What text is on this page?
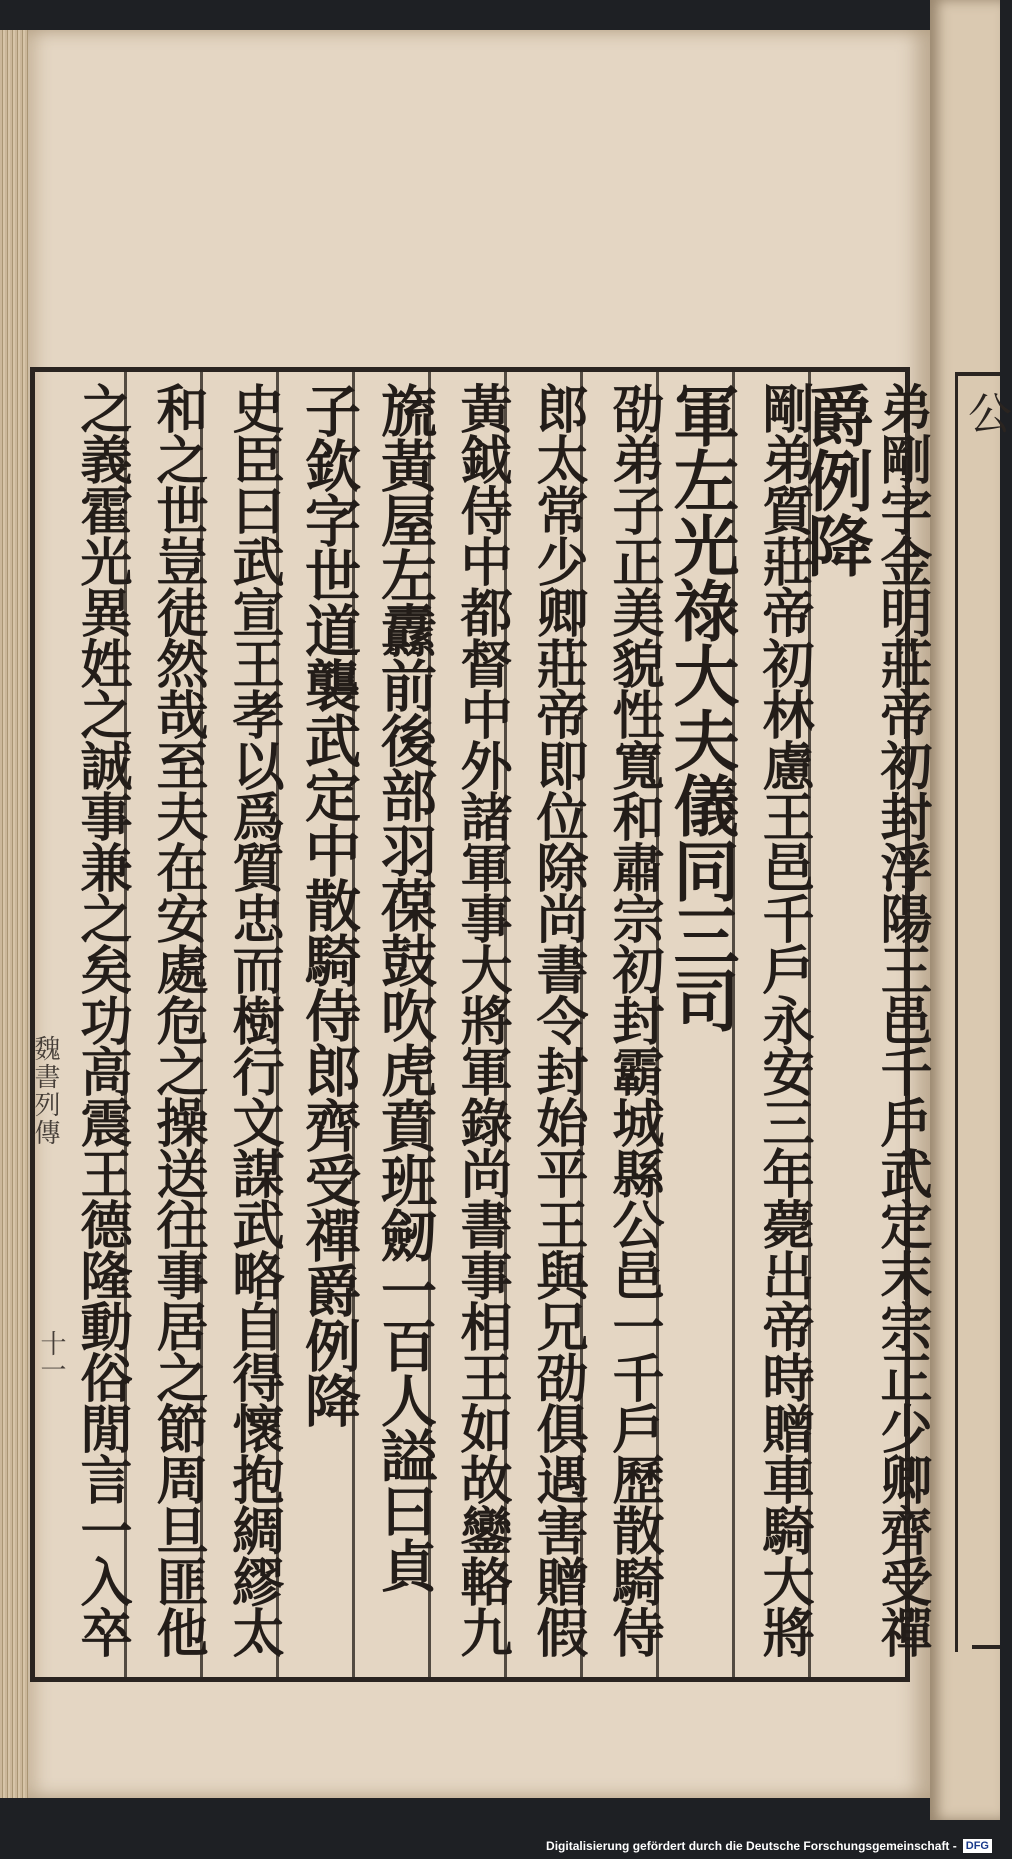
公
弟剛字金明莊帝初封浮陽王邑千戶武定末宗正少卿齊受禪
爵例降
剛弟質莊帝初林慮王邑千戶永安三年薨出帝時贈車騎大將
軍左光祿大夫儀同三司
劭弟子正美貌性寬和肅宗初封霸城縣公邑一千戶歷散騎侍
郎太常少卿莊帝即位除尚書令封始平王與兄劭俱遇害贈假
黃鉞侍中都督中外諸軍事大將軍錄尚書事相王如故鑾輅九
旒黃屋左纛前後部羽葆鼓吹虎賁班劒一百人謚曰貞
子欽字世道襲武定中散騎侍郎齊受禪爵例降
史臣曰武宣王孝以爲質忠而樹行文謀武略自得懷抱綢繆太
和之世豈徒然哉至夫在安處危之操送往事居之節周旦匪他
之義霍光異姓之誠事兼之矣功高震王德隆動俗閒言一入卒
魏書列傳
十一
Digitalisierung gefördert durch die Deutsche Forschungsgemeinschaft - DFG
